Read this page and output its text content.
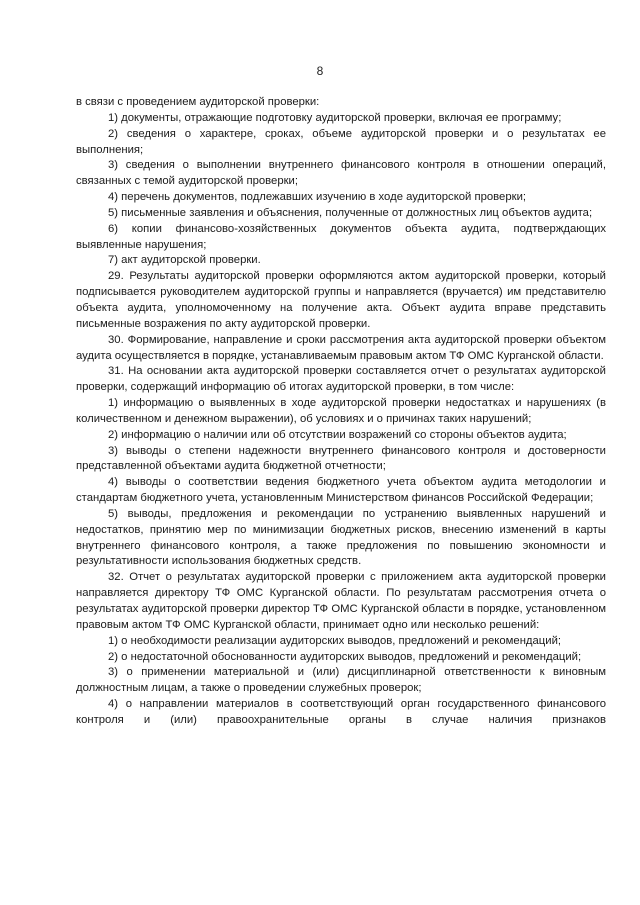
8

в связи с проведением аудиторской проверки:

1) документы, отражающие подготовку аудиторской проверки, включая ее программу;

2) сведения о характере, сроках, объеме аудиторской проверки и о результатах ее выполнения;

3) сведения о выполнении внутреннего финансового контроля в отношении операций, связанных с темой аудиторской проверки;

4) перечень документов, подлежавших изучению в ходе аудиторской проверки;

5) письменные заявления и объяснения, полученные от должностных лиц объектов аудита;

6) копии финансово-хозяйственных документов объекта аудита, подтверждающих выявленные нарушения;

7) акт аудиторской проверки.

29. Результаты аудиторской проверки оформляются актом аудиторской проверки, который подписывается руководителем аудиторской группы и направляется (вручается) им представителю объекта аудита, уполномоченному на получение акта. Объект аудита вправе представить письменные возражения по акту аудиторской проверки.

30. Формирование, направление и сроки рассмотрения акта аудиторской проверки объектом аудита осуществляется в порядке, устанавливаемым правовым актом ТФ ОМС Курганской области.

31. На основании акта аудиторской проверки составляется отчет о результатах аудиторской проверки, содержащий информацию об итогах аудиторской проверки, в том числе:

1) информацию о выявленных в ходе аудиторской проверки недостатках и нарушениях (в количественном и денежном выражении), об условиях и о причинах таких нарушений;

2) информацию о наличии или об отсутствии возражений со стороны объектов аудита;

3) выводы о степени надежности внутреннего финансового контроля и достоверности представленной объектами аудита бюджетной отчетности;

4) выводы о соответствии ведения бюджетного учета объектом аудита методологии и стандартам бюджетного учета, установленным Министерством финансов Российской Федерации;

5) выводы, предложения и рекомендации по устранению выявленных нарушений и недостатков, принятию мер по минимизации бюджетных рисков, внесению изменений в карты внутреннего финансового контроля, а также предложения по повышению экономности и результативности использования бюджетных средств.

32. Отчет о результатах аудиторской проверки с приложением акта аудиторской проверки направляется директору ТФ ОМС Курганской области. По результатам рассмотрения отчета о результатах аудиторской проверки директор ТФ ОМС Курганской области в порядке, установленном правовым актом ТФ ОМС Курганской области, принимает одно или несколько решений:

1) о необходимости реализации аудиторских выводов, предложений и рекомендаций;

2) о недостаточной обоснованности аудиторских выводов, предложений и рекомендаций;

3) о применении материальной и (или) дисциплинарной ответственности к виновным должностным лицам, а также о проведении служебных проверок;

4) о направлении материалов в соответствующий орган государственного финансового контроля и (или) правоохранительные органы в случае наличия признаков
